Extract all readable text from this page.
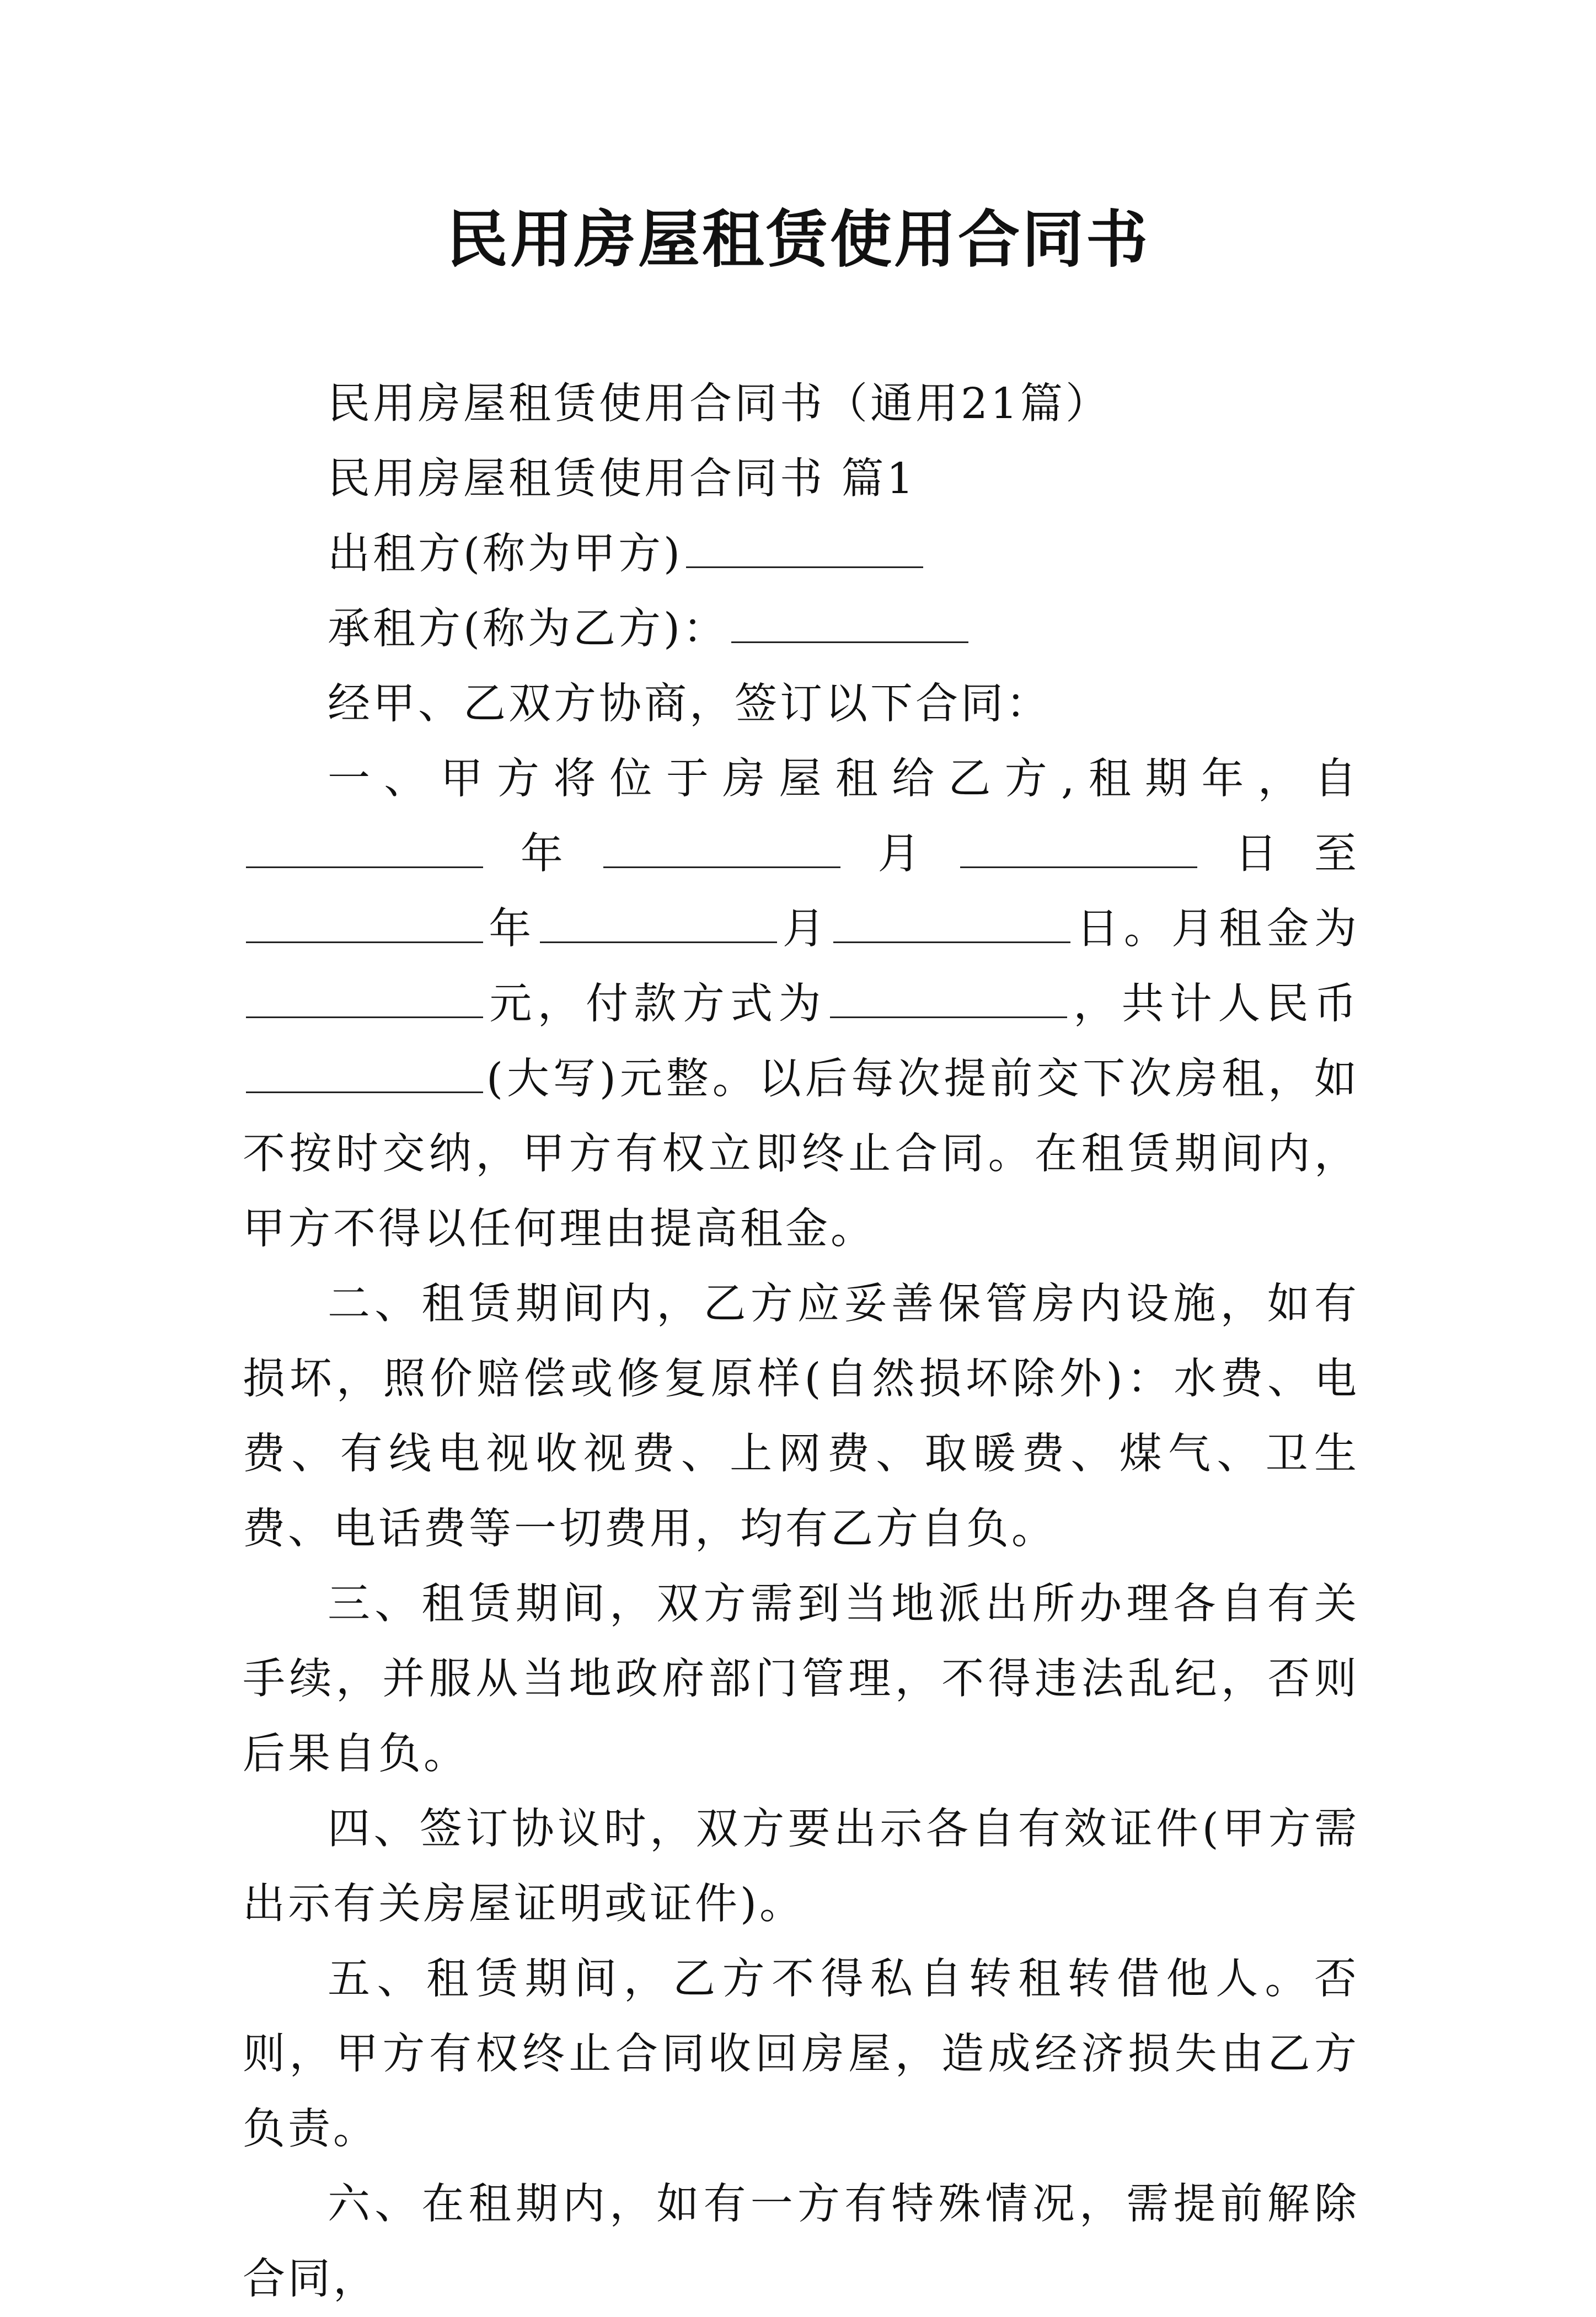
民用房屋租赁使用合同书

民用房屋租赁使用合同书（通用21篇）

民用房屋租赁使用合同书 篇1

出租方(称为甲方)

承租方(称为乙方)：

经甲、乙双方协商，签订以下合同：

一、甲方将位于房屋租给乙方,租期年，自年	月	日至年	月	日。月租金为元，付款方式为	，共计人民币(大写)元整。以后每次提前交下次房租，如不按时交纳，甲方有权立即终止合同。在租赁期间内，甲方不得以任何理由提高租金。

二、租赁期间内，乙方应妥善保管房内设施，如有损坏，照价赔偿或修复原样(自然损坏除外)：水费、电费、有线电视收视费、上网费、取暖费、煤气、卫生费、电话费等一切费用，均有乙方自负。

三、租赁期间，双方需到当地派出所办理各自有关手续，并服从当地政府部门管理，不得违法乱纪，否则后果自负。

四、签订协议时，双方要出示各自有效证件(甲方需出示有关房屋证明或证件)。

五、租赁期间，乙方不得私自转租转借他人。否则，甲方有权终止合同收回房屋，造成经济损失由乙方负责。

六、在租期内，如有一方有特殊情况，需提前解除合同，
